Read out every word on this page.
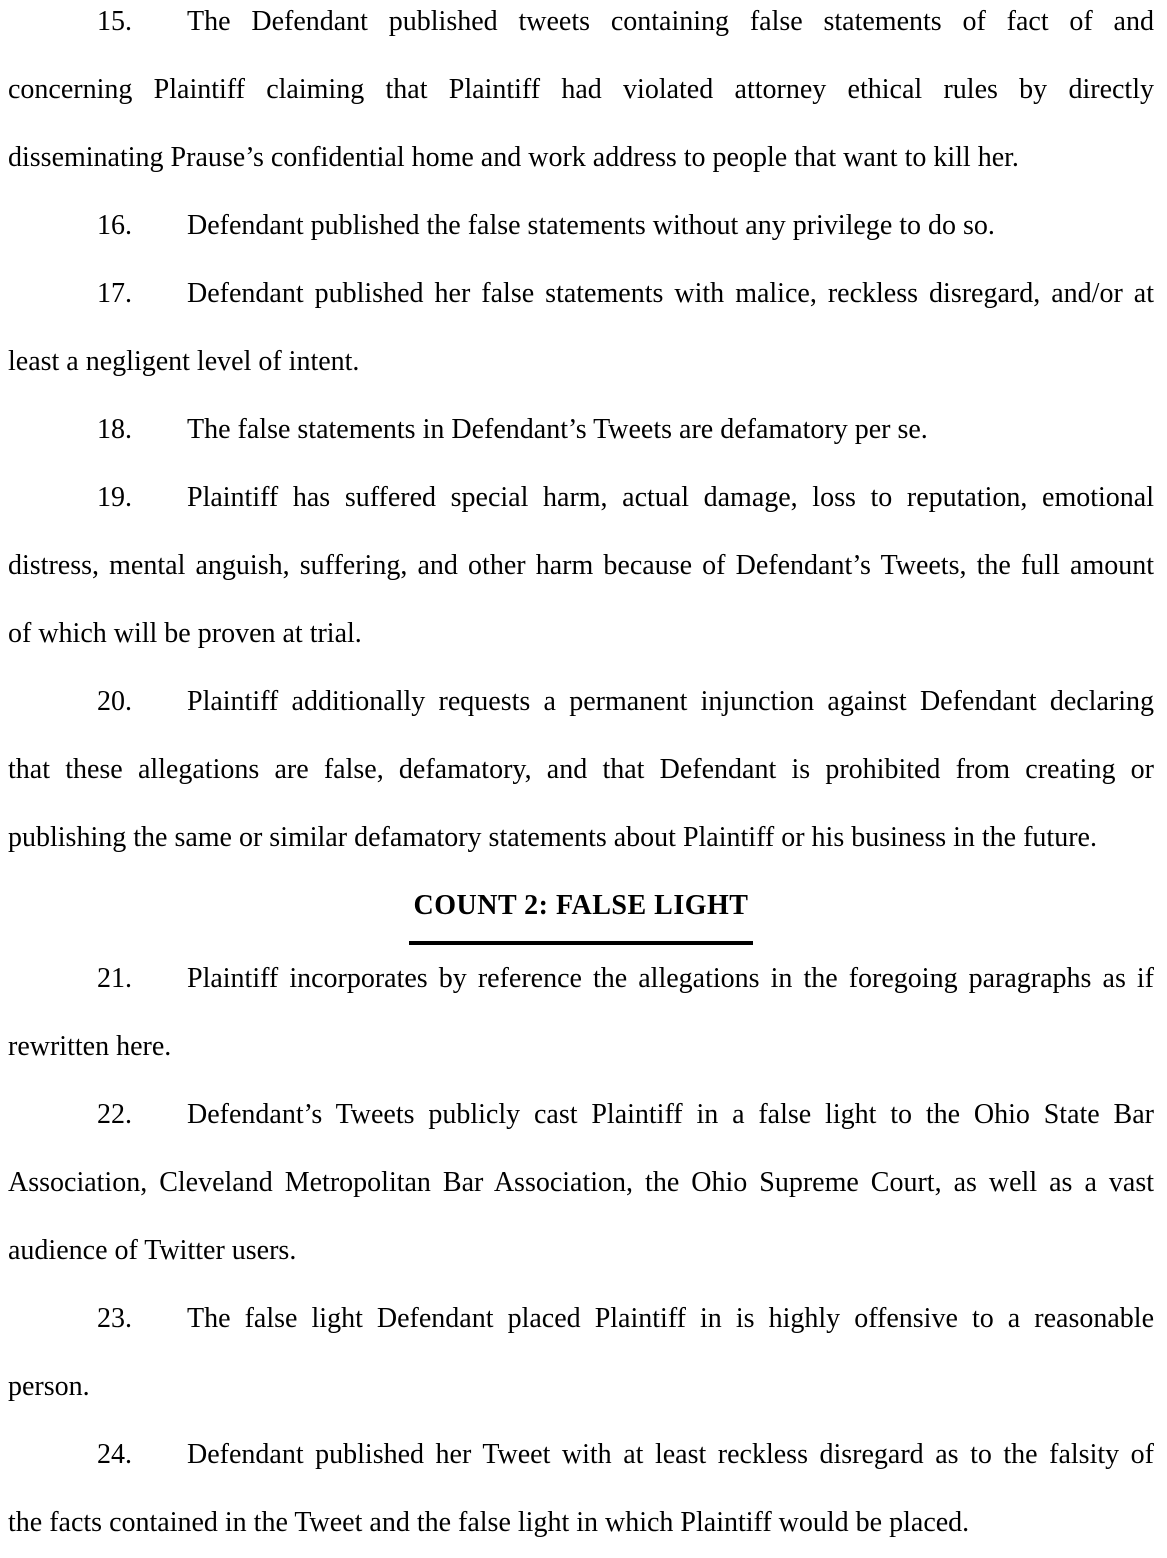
15. The Defendant published tweets containing false statements of fact of and
concerning Plaintiff claiming that Plaintiff had violated attorney ethical rules by directly
disseminating Prause’s confidential home and work address to people that want to kill her.
16. Defendant published the false statements without any privilege to do so.
17. Defendant published her false statements with malice, reckless disregard, and/or at
least a negligent level of intent.
18. The false statements in Defendant’s Tweets are defamatory per se.
19. Plaintiff has suffered special harm, actual damage, loss to reputation, emotional
distress, mental anguish, suffering, and other harm because of Defendant’s Tweets, the full amount
of which will be proven at trial.
20. Plaintiff additionally requests a permanent injunction against Defendant declaring
that these allegations are false, defamatory, and that Defendant is prohibited from creating or
publishing the same or similar defamatory statements about Plaintiff or his business in the future.
COUNT 2: FALSE LIGHT
21. Plaintiff incorporates by reference the allegations in the foregoing paragraphs as if
rewritten here.
22. Defendant’s Tweets publicly cast Plaintiff in a false light to the Ohio State Bar
Association, Cleveland Metropolitan Bar Association, the Ohio Supreme Court, as well as a vast
audience of Twitter users.
23. The false light Defendant placed Plaintiff in is highly offensive to a reasonable
person.
24. Defendant published her Tweet with at least reckless disregard as to the falsity of
the facts contained in the Tweet and the false light in which Plaintiff would be placed.
